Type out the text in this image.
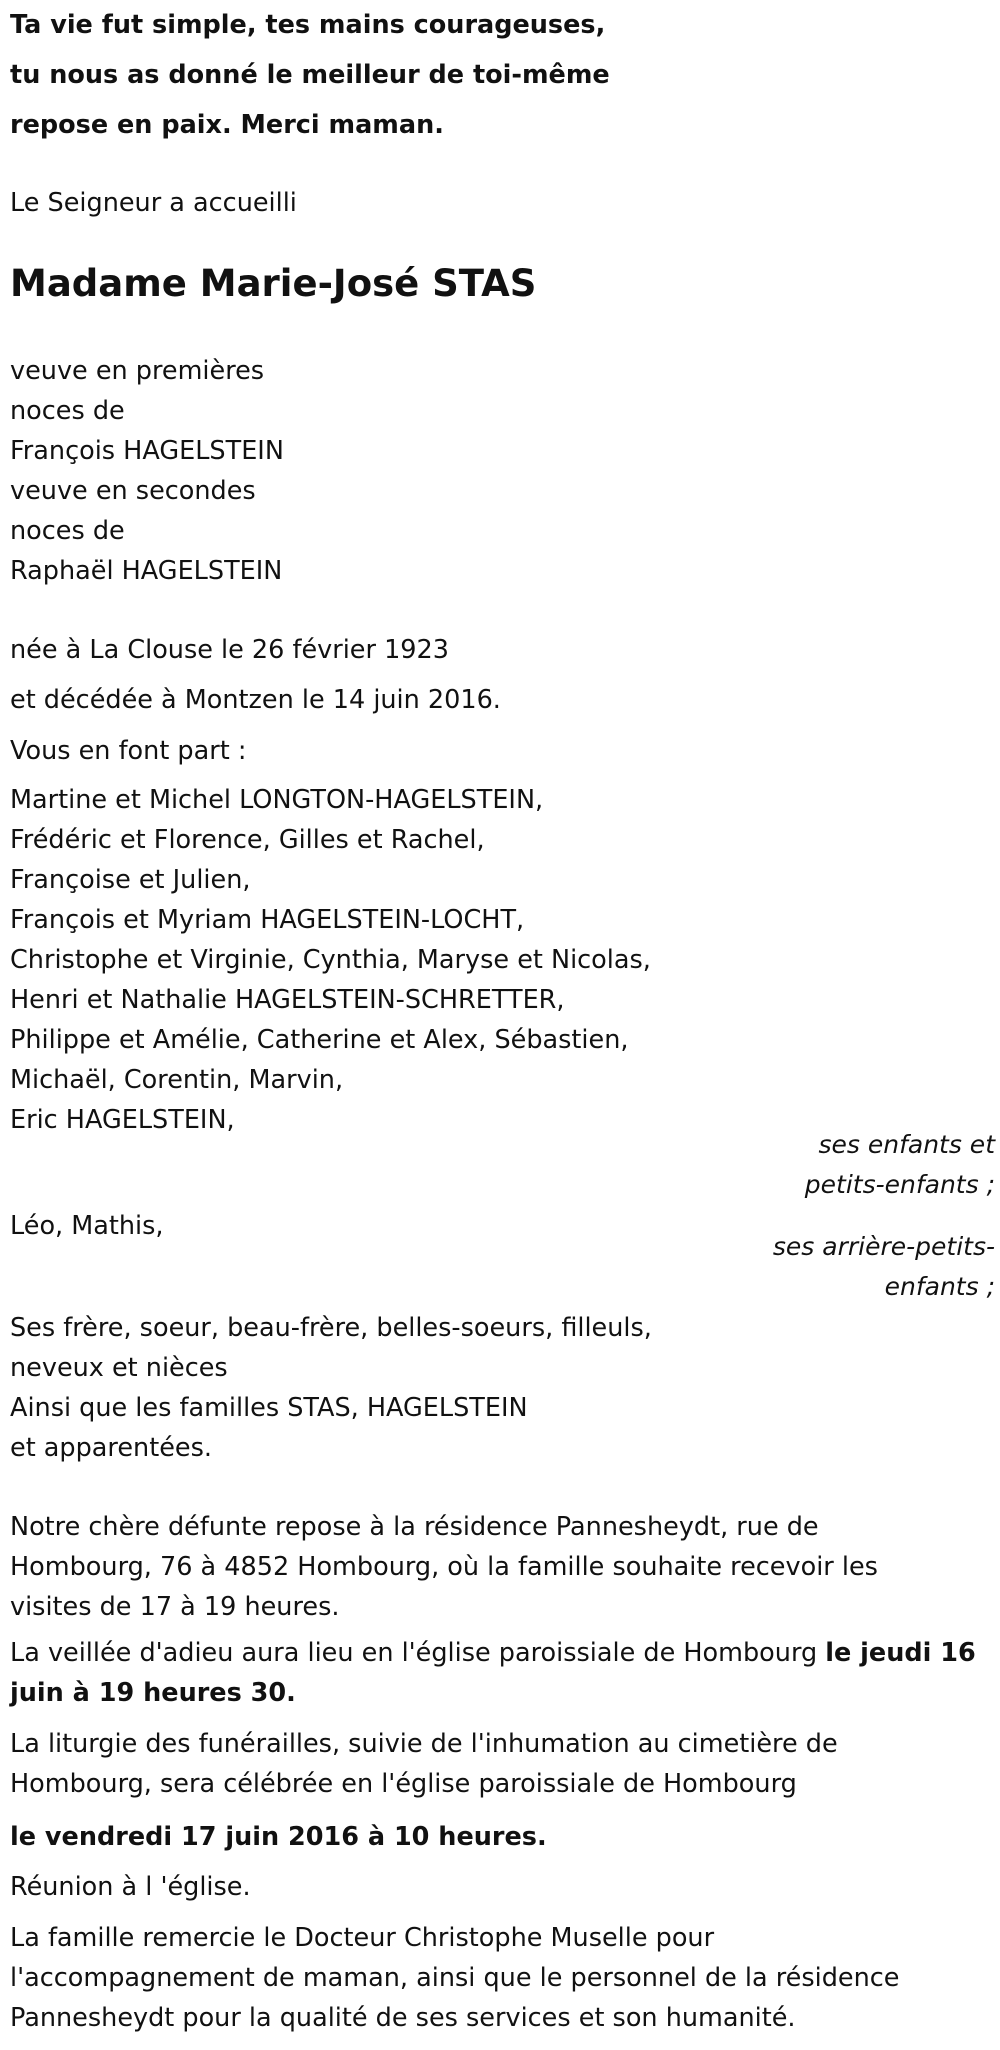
Ta vie fut simple, tes mains courageuses,
tu nous as donné le meilleur de toi-même
repose en paix. Merci maman.
Le Seigneur a accueilli
Madame Marie-José STAS
veuve en premières
noces de
François HAGELSTEIN
veuve en secondes
noces de
Raphaël HAGELSTEIN
née à La Clouse le 26 février 1923
et décédée à Montzen le 14 juin 2016.
Vous en font part :
Martine et Michel LONGTON-HAGELSTEIN,
Frédéric et Florence, Gilles et Rachel,
Françoise et Julien,
François et Myriam HAGELSTEIN-LOCHT,
Christophe et Virginie, Cynthia, Maryse et Nicolas,
Henri et Nathalie HAGELSTEIN-SCHRETTER,
Philippe et Amélie, Catherine et Alex, Sébastien,
Michaël, Corentin, Marvin,
Eric HAGELSTEIN,
ses enfants et
petits-enfants ;
Léo, Mathis,
ses arrière-petits-
enfants ;
Ses frère, soeur, beau-frère, belles-soeurs, filleuls,
neveux et nièces
Ainsi que les familles STAS, HAGELSTEIN
et apparentées.
Notre chère défunte repose à la résidence Pannesheydt, rue de
Hombourg, 76 à 4852 Hombourg, où la famille souhaite recevoir les
visites de 17 à 19 heures.
La veillée d'adieu aura lieu en l'église paroissiale de Hombourg le jeudi 16
juin à 19 heures 30.
La liturgie des funérailles, suivie de l'inhumation au cimetière de
Hombourg, sera célébrée en l'église paroissiale de Hombourg
le vendredi 17 juin 2016 à 10 heures.
Réunion à l 'église.
La famille remercie le Docteur Christophe Muselle pour
l'accompagnement de maman, ainsi que le personnel de la résidence
Pannesheydt pour la qualité de ses services et son humanité.
